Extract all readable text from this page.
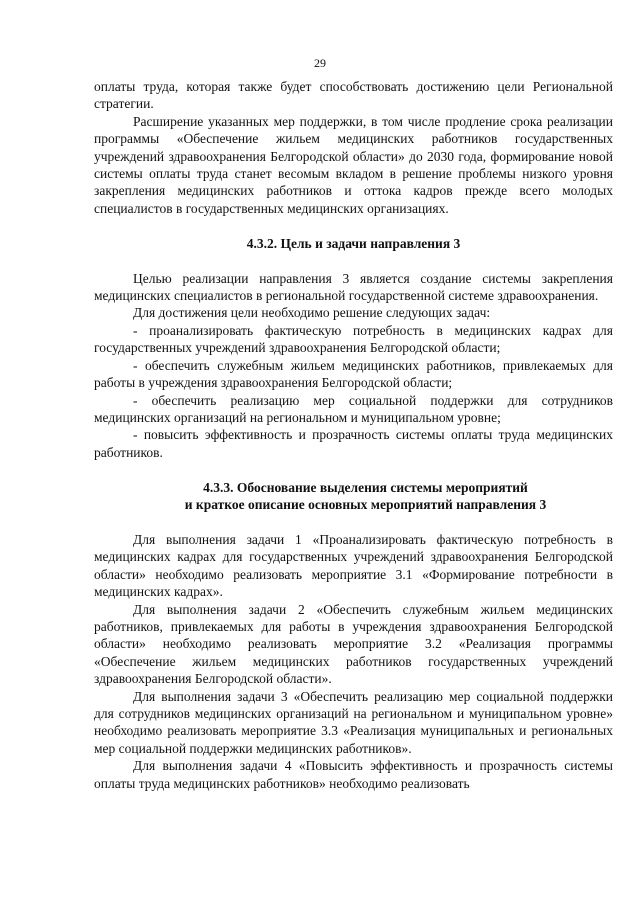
29

оплаты труда, которая также будет способствовать достижению цели Региональной стратегии.

Расширение указанных мер поддержки, в том числе продление срока реализации программы «Обеспечение жильем медицинских работников государственных учреждений здравоохранения Белгородской области» до 2030 года, формирование новой системы оплаты труда станет весомым вкладом в решение проблемы низкого уровня закрепления медицинских работников и оттока кадров прежде всего молодых специалистов в государственных медицинских организациях.

4.3.2. Цель и задачи направления 3

Целью реализации направления 3 является создание системы закрепления медицинских специалистов в региональной государственной системе здравоохранения.

Для достижения цели необходимо решение следующих задач:

- проанализировать фактическую потребность в медицинских кадрах для государственных учреждений здравоохранения Белгородской области;

- обеспечить служебным жильем медицинских работников, привлекаемых для работы в учреждения здравоохранения Белгородской области;

- обеспечить реализацию мер социальной поддержки для сотрудников медицинских организаций на региональном и муниципальном уровне;

- повысить эффективность и прозрачность системы оплаты труда медицинских работников.

4.3.3. Обоснование выделения системы мероприятий
и краткое описание основных мероприятий направления 3

Для выполнения задачи 1 «Проанализировать фактическую потребность в медицинских кадрах для государственных учреждений здравоохранения Белгородской области» необходимо реализовать мероприятие 3.1 «Формирование потребности в медицинских кадрах».

Для выполнения задачи 2 «Обеспечить служебным жильем медицинских работников, привлекаемых для работы в учреждения здравоохранения Белгородской области» необходимо реализовать мероприятие 3.2 «Реализация программы «Обеспечение жильем медицинских работников государственных учреждений здравоохранения Белгородской области».

Для выполнения задачи 3 «Обеспечить реализацию мер социальной поддержки для сотрудников медицинских организаций на региональном и муниципальном уровне» необходимо реализовать мероприятие 3.3 «Реализация муниципальных и региональных мер социальной поддержки медицинских работников».

Для выполнения задачи 4 «Повысить эффективность и прозрачность системы оплаты труда медицинских работников» необходимо реализовать
